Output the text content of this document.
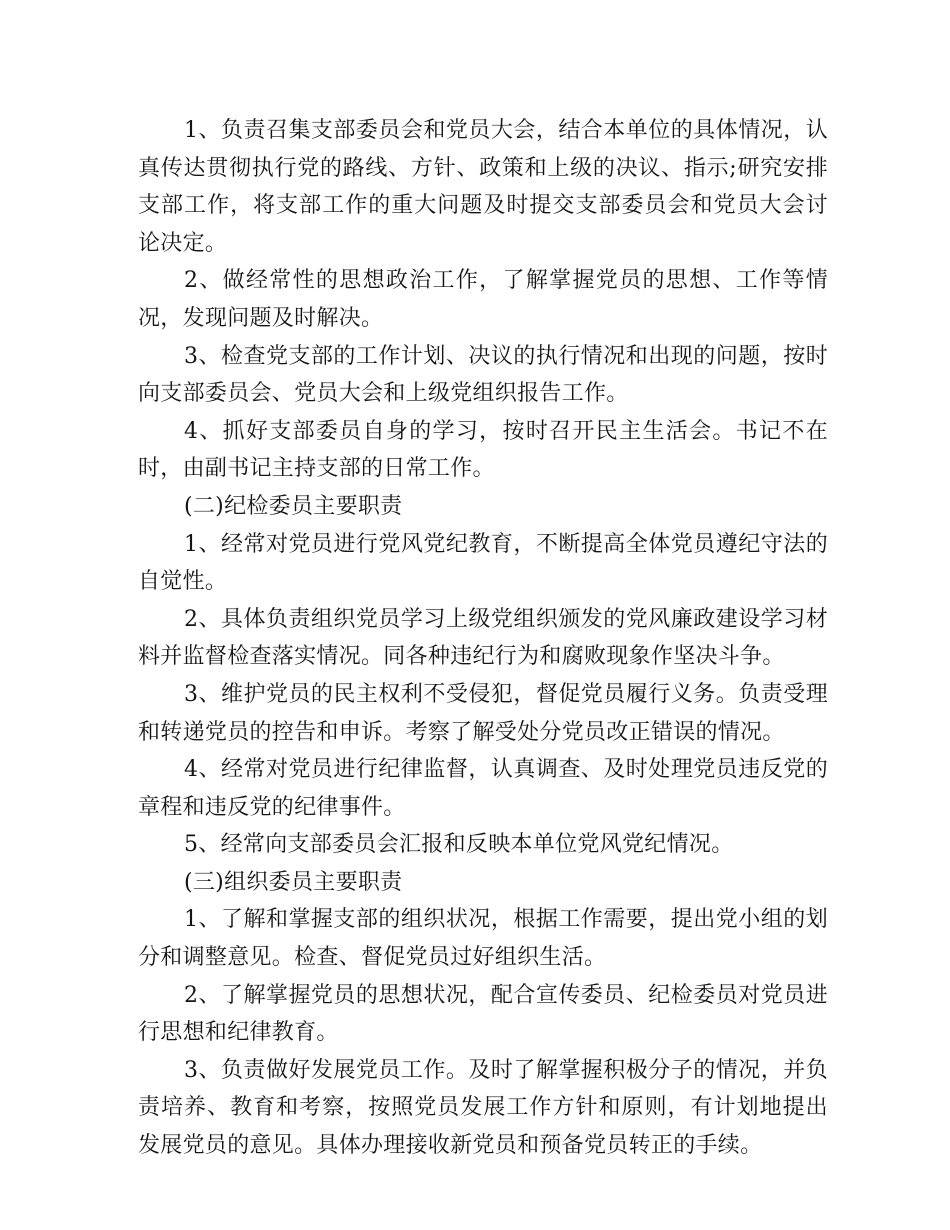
1、负责召集支部委员会和党员大会，结合本单位的具体情况，认真传达贯彻执行党的路线、方针、政策和上级的决议、指示;研究安排支部工作，将支部工作的重大问题及时提交支部委员会和党员大会讨论决定。

2、做经常性的思想政治工作，了解掌握党员的思想、工作等情况，发现问题及时解决。

3、检查党支部的工作计划、决议的执行情况和出现的问题，按时向支部委员会、党员大会和上级党组织报告工作。

4、抓好支部委员自身的学习，按时召开民主生活会。书记不在时，由副书记主持支部的日常工作。

(二)纪检委员主要职责

1、经常对党员进行党风党纪教育，不断提高全体党员遵纪守法的自觉性。

2、具体负责组织党员学习上级党组织颁发的党风廉政建设学习材料并监督检查落实情况。同各种违纪行为和腐败现象作坚决斗争。

3、维护党员的民主权利不受侵犯，督促党员履行义务。负责受理和转递党员的控告和申诉。考察了解受处分党员改正错误的情况。

4、经常对党员进行纪律监督，认真调查、及时处理党员违反党的章程和违反党的纪律事件。

5、经常向支部委员会汇报和反映本单位党风党纪情况。

(三)组织委员主要职责

1、了解和掌握支部的组织状况，根据工作需要，提出党小组的划分和调整意见。检查、督促党员过好组织生活。

2、了解掌握党员的思想状况，配合宣传委员、纪检委员对党员进行思想和纪律教育。

3、负责做好发展党员工作。及时了解掌握积极分子的情况，并负责培养、教育和考察，按照党员发展工作方针和原则，有计划地提出发展党员的意见。具体办理接收新党员和预备党员转正的手续。
